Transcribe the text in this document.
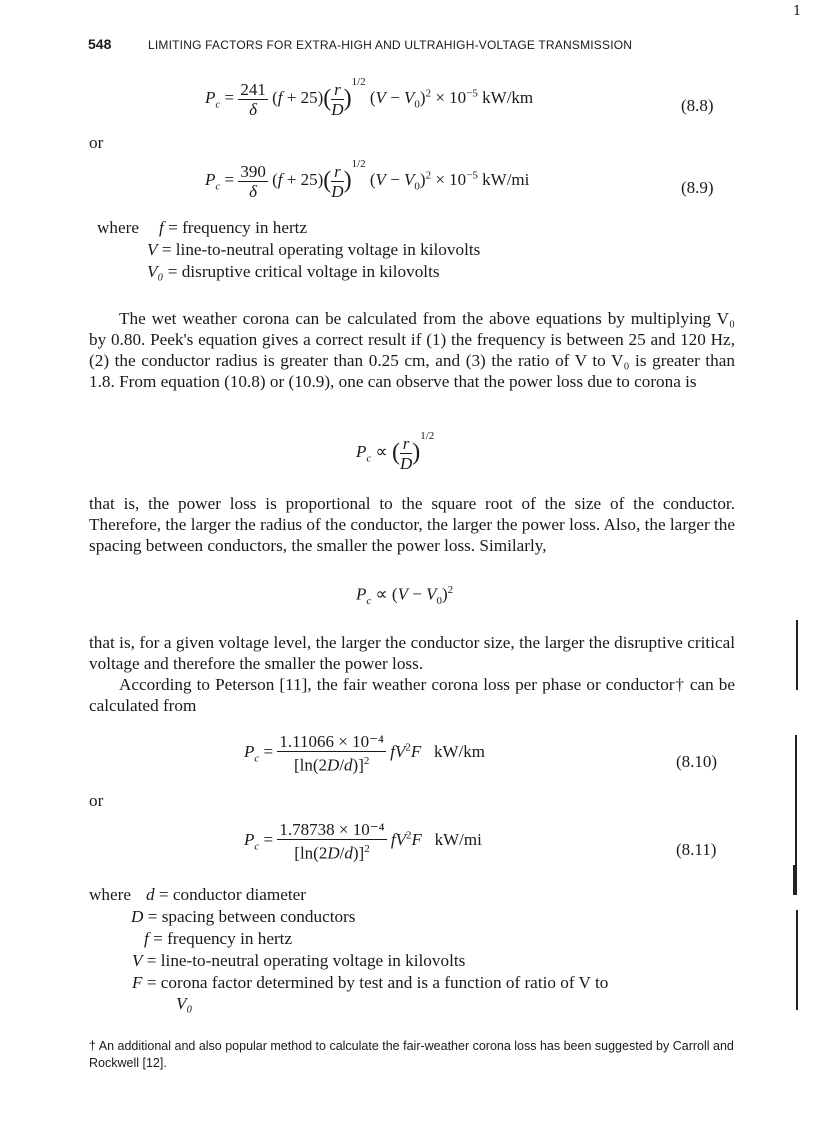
548	LIMITING FACTORS FOR EXTRA-HIGH AND ULTRAHIGH-VOLTAGE TRANSMISSION
1
$P_c = \frac{241}{\delta} (f + 25)( \frac{r}{D} )^{1/2}$ $(V - V_0)^2 \times 10^{-5}$ kW/km	(8.8)
or
$P_c = \frac{390}{\delta} (f + 25)( \frac{r}{D} )^{1/2}$ $(V - V_0)^2 \times 10^{-5}$ kW/mi	(8.9)
where f = frequency in hertz
V = line-to-neutral operating voltage in kilovolts
V₀ = disruptive critical voltage in kilovolts

The wet weather corona can be calculated from the above equations by multiplying V₀ by 0.80. Peek's equation gives a correct result if (1) the frequency is between 25 and 120 Hz, (2) the conductor radius is greater than 0.25 cm, and (3) the ratio of V to V₀ is greater than 1.8. From equation (10.8) or (10.9), one can observe that the power loss due to corona is

$P_c$ ∝ ( $\frac{r}{D} )^{1/2}$

that is, the power loss is proportional to the square root of the size of the conductor. Therefore, the larger the radius of the conductor, the larger the power loss. Also, the larger the spacing between conductors, the smaller the power loss. Similarly,

$P_c \propto (V - V_0)^2$

that is, for a given voltage level, the larger the conductor size, the larger the disruptive critical voltage and therefore the smaller the power loss.

According to Peterson [11], the fair weather corona loss per phase or conductor† can be calculated from

$P_c = \frac{\text{1.11066 × 10⁻⁴}}{[\ln(2D/d)]^2} fV^2F$ kW/km
(8.10)
or
$P_c = \frac{\text{1.78738 × 10⁻⁴}}{[\ln(2D/d)]^2} fV^2F$ kW/mi
(8.11)
where d = conductor diameter
D = spacing between conductors
f = frequency in hertz
V = line-to-neutral operating voltage in kilovolts
F = corona factor determined by test and is a function of ratio of V to
V₀
† An additional and also popular method to calculate the fair-weather corona loss has been suggested by Carroll and Rockwell [12].
